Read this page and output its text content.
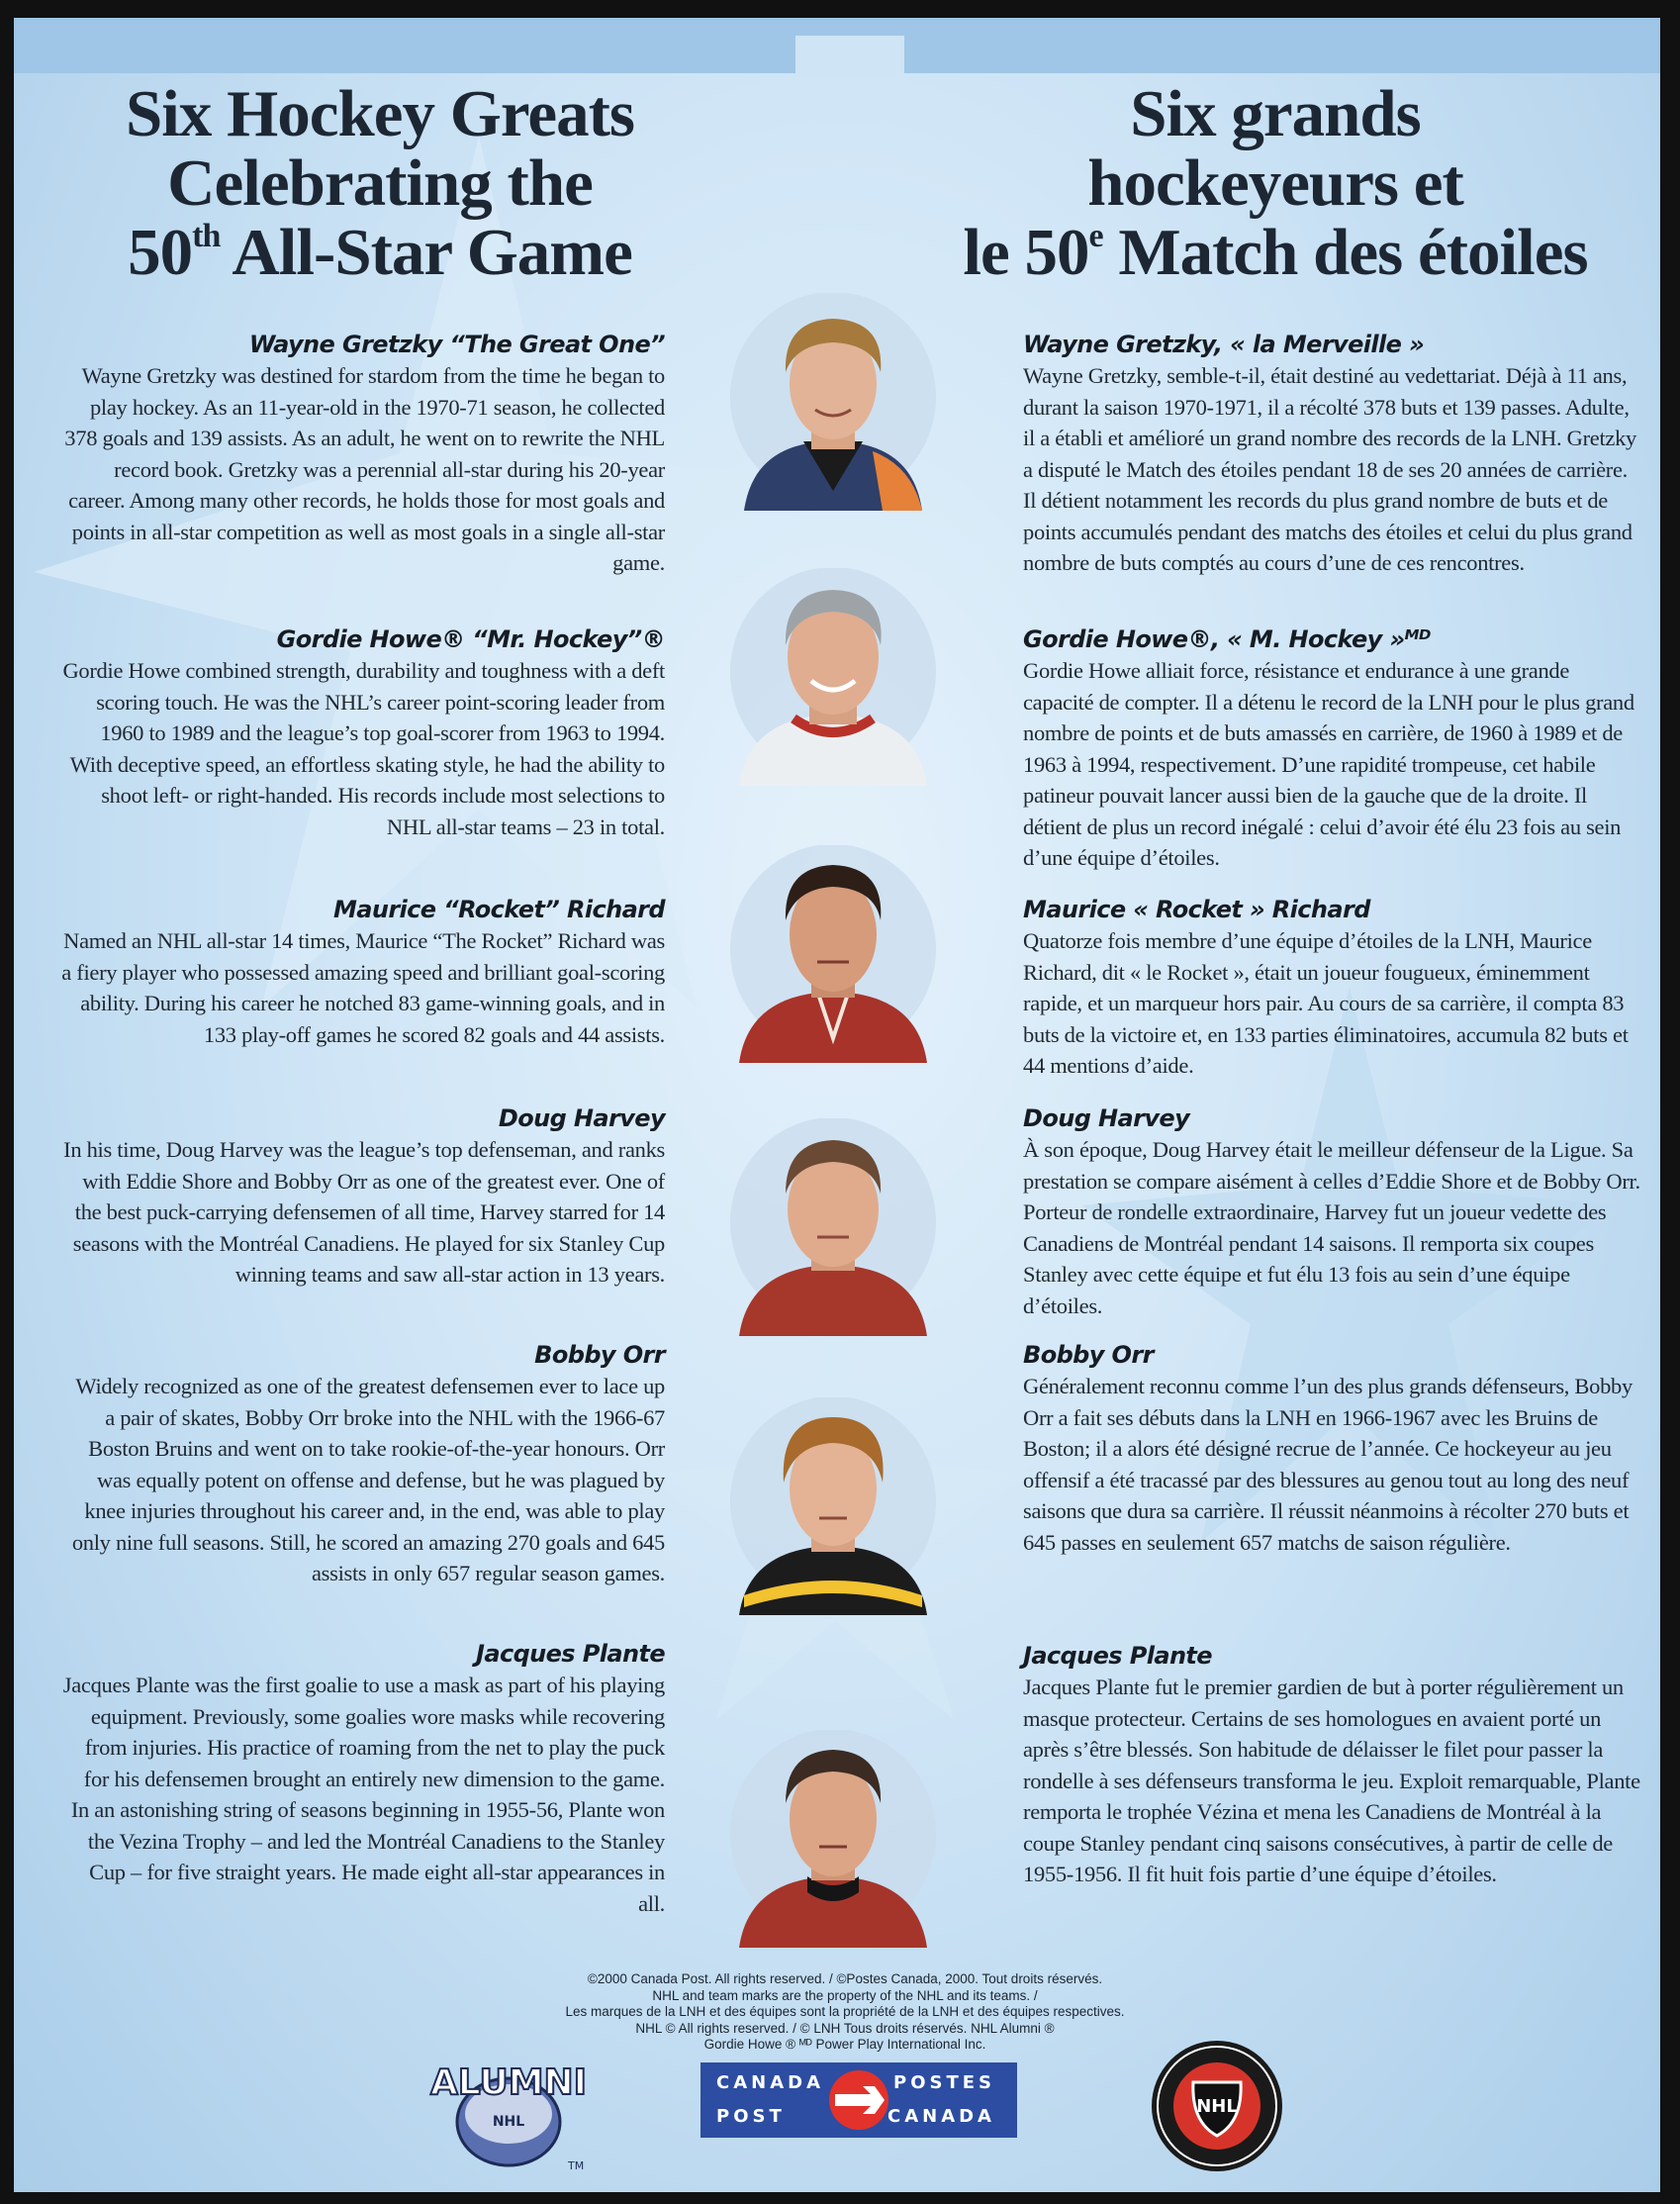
Six Hockey Greats
Celebrating the
50th All-Star Game
Six grands
hockeyeurs et
le 50e Match des étoiles
Wayne Gretzky “The Great One”

Wayne Gretzky was destined for stardom from the time he began to play hockey. As an 11-year-old in the 1970-71 season, he collected 378 goals and 139 assists. As an adult, he went on to rewrite the NHL record book. Gretzky was a perennial all-star during his 20-year career. Among many other records, he holds those for most goals and points in all-star competition as well as most goals in a single all-star game.

Gordie Howe® “Mr. Hockey”®

Gordie Howe combined strength, durability and toughness with a deft scoring touch. He was the NHL’s career point-scoring leader from 1960 to 1989 and the league’s top goal-scorer from 1963 to 1994. With deceptive speed, an effortless skating style, he had the ability to shoot left- or right-handed. His records include most selections to NHL all-star teams – 23 in total.

Maurice “Rocket” Richard

Named an NHL all-star 14 times, Maurice “The Rocket” Richard was a fiery player who possessed amazing speed and brilliant goal-scoring ability. During his career he notched 83 game-winning goals, and in 133 play-off games he scored 82 goals and 44 assists.

Doug Harvey

In his time, Doug Harvey was the league’s top defenseman, and ranks with Eddie Shore and Bobby Orr as one of the greatest ever. One of the best puck-carrying defensemen of all time, Harvey starred for 14 seasons with the Montréal Canadiens. He played for six Stanley Cup winning teams and saw all-star action in 13 years.

Bobby Orr

Widely recognized as one of the greatest defensemen ever to lace up a pair of skates, Bobby Orr broke into the NHL with the 1966-67 Boston Bruins and went on to take rookie-of-the-year honours. Orr was equally potent on offense and defense, but he was plagued by knee injuries throughout his career and, in the end, was able to play only nine full seasons. Still, he scored an amazing 270 goals and 645 assists in only 657 regular season games.

Jacques Plante

Jacques Plante was the first goalie to use a mask as part of his playing equipment. Previously, some goalies wore masks while recovering from injuries. His practice of roaming from the net to play the puck for his defensemen brought an entirely new dimension to the game. In an astonishing string of seasons beginning in 1955-56, Plante won the Vezina Trophy – and led the Montréal Canadiens to the Stanley Cup – for five straight years. He made eight all-star appearances in all.

Wayne Gretzky, « la Merveille »

Wayne Gretzky, semble-t-il, était destiné au vedettariat. Déjà à 11 ans, durant la saison 1970-1971, il a récolté 378 buts et 139 passes. Adulte, il a établi et amélioré un grand nombre des records de la LNH. Gretzky a disputé le Match des étoiles pendant 18 de ses 20 années de carrière. Il détient notamment les records du plus grand nombre de buts et de points accumulés pendant des matchs des étoiles et celui du plus grand nombre de buts comptés au cours d’une de ces rencontres.

Gordie Howe®, « M. Hockey »ᴹᴰ

Gordie Howe alliait force, résistance et endurance à une grande capacité de compter. Il a détenu le record de la LNH pour le plus grand nombre de points et de buts amassés en carrière, de 1960 à 1989 et de 1963 à 1994, respectivement. D’une rapidité trompeuse, cet habile patineur pouvait lancer aussi bien de la gauche que de la droite. Il détient de plus un record inégalé : celui d’avoir été élu 23 fois au sein d’une équipe d’étoiles.

Maurice « Rocket » Richard

Quatorze fois membre d’une équipe d’étoiles de la LNH, Maurice Richard, dit « le Rocket », était un joueur fougueux, éminemment rapide, et un marqueur hors pair. Au cours de sa carrière, il compta 83 buts de la victoire et, en 133 parties éliminatoires, accumula 82 buts et 44 mentions d’aide.

Doug Harvey

À son époque, Doug Harvey était le meilleur défenseur de la Ligue. Sa prestation se compare aisément à celles d’Eddie Shore et de Bobby Orr. Porteur de rondelle extraordinaire, Harvey fut un joueur vedette des Canadiens de Montréal pendant 14 saisons. Il remporta six coupes Stanley avec cette équipe et fut élu 13 fois au sein d’une équipe d’étoiles.

Bobby Orr

Généralement reconnu comme l’un des plus grands défenseurs, Bobby Orr a fait ses débuts dans la LNH en 1966-1967 avec les Bruins de Boston; il a alors été désigné recrue de l’année. Ce hockeyeur au jeu offensif a été tracassé par des blessures au genou tout au long des neuf saisons que dura sa carrière. Il réussit néanmoins à récolter 270 buts et 645 passes en seulement 657 matchs de saison régulière.

Jacques Plante

Jacques Plante fut le premier gardien de but à porter régulièrement un masque protecteur. Certains de ses homologues en avaient porté un après s’être blessés. Son habitude de délaisser le filet pour passer la rondelle à ses défenseurs transforma le jeu. Exploit remarquable, Plante remporta le trophée Vézina et mena les Canadiens de Montréal à la coupe Stanley pendant cinq saisons consécutives, à partir de celle de 1955-1956. Il fit huit fois partie d’une équipe d’étoiles.

©2000 Canada Post. All rights reserved. / ©Postes Canada, 2000. Tout droits réservés.
NHL and team marks are the property of the NHL and its teams. /
Les marques de la LNH et des équipes sont la propriété de la LNH et des équipes respectives.
NHL © All rights reserved. / © LNH Tous droits réservés. NHL Alumni ®
Gordie Howe ® ᴹᴰ Power Play International Inc.
ALUMNI
NHL
TM
CANADA
POST
POSTES
CANADA	NHL
